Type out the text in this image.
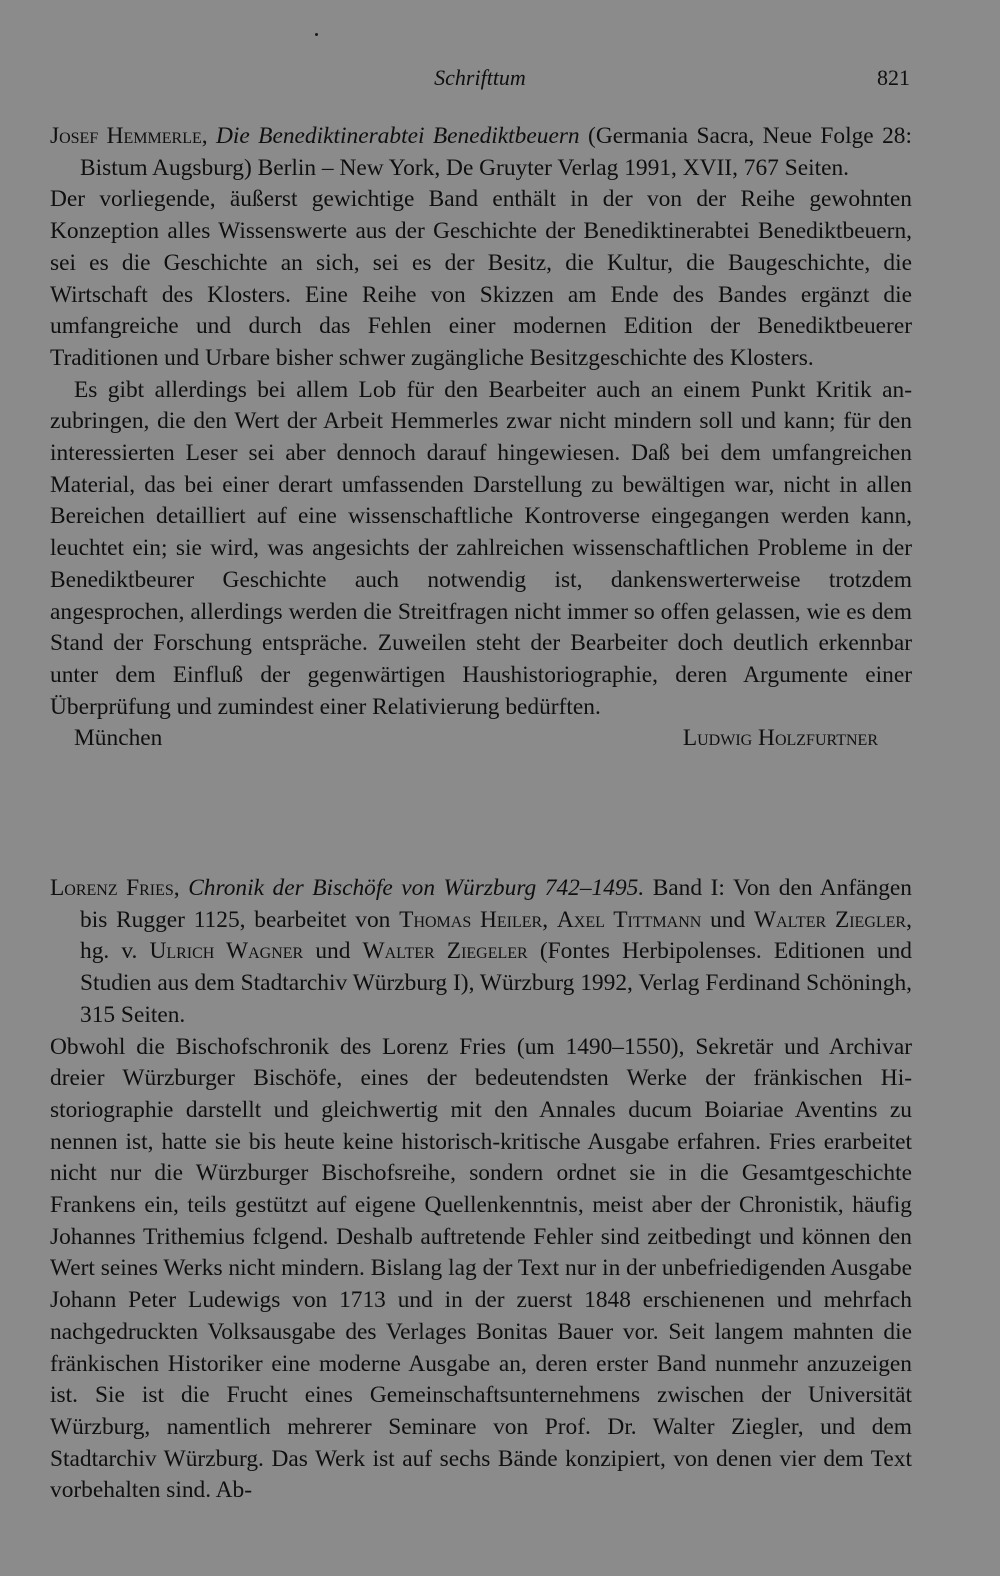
Schrifttum	821

Josef Hemmerle, Die Benediktinerabtei Benediktbeuern (Germania Sacra, Neue Folge 28: Bistum Augsburg) Berlin – New York, De Gruyter Verlag 1991, XVII, 767 Seiten.

Der vorliegende, äußerst gewichtige Band enthält in der von der Reihe gewohnten Konzeption alles Wissenswerte aus der Geschichte der Benediktinerabtei Benediktbeuern, sei es die Geschichte an sich, sei es der Besitz, die Kultur, die Baugeschichte, die Wirtschaft des Klosters. Eine Reihe von Skizzen am Ende des Bandes ergänzt die umfangreiche und durch das Fehlen einer modernen Edition der Benediktbeuerer Traditionen und Urbare bisher schwer zugängliche Besitzgeschichte des Klosters.

Es gibt allerdings bei allem Lob für den Bearbeiter auch an einem Punkt Kritik anzubringen, die den Wert der Arbeit Hemmerles zwar nicht mindern soll und kann; für den interessierten Leser sei aber dennoch darauf hingewiesen. Daß bei dem umfangreichen Material, das bei einer derart umfassenden Darstellung zu bewältigen war, nicht in allen Bereichen detailliert auf eine wissenschaftliche Kontroverse eingegangen werden kann, leuchtet ein; sie wird, was angesichts der zahlreichen wissenschaftlichen Probleme in der Benediktbeurer Geschichte auch notwendig ist, dankenswerterweise trotzdem angesprochen, allerdings werden die Streitfragen nicht immer so offen gelassen, wie es dem Stand der Forschung entspräche. Zuweilen steht der Bearbeiter doch deutlich erkennbar unter dem Einfluß der gegenwärtigen Haushistoriographie, deren Argumente einer Überprüfung und zumindest einer Relativierung bedürften.

München	Ludwig Holzfurtner

Lorenz Fries, Chronik der Bischöfe von Würzburg 742–1495. Band I: Von den Anfängen bis Rugger 1125, bearbeitet von Thomas Heiler, Axel Tittmann und Walter Ziegler, hg. v. Ulrich Wagner und Walter Ziegeler (Fontes Herbipolenses. Editionen und Studien aus dem Stadtarchiv Würzburg I), Würzburg 1992, Verlag Ferdinand Schöningh, 315 Seiten.

Obwohl die Bischofschronik des Lorenz Fries (um 1490–1550), Sekretär und Archivar dreier Würzburger Bischöfe, eines der bedeutendsten Werke der fränkischen Historiographie darstellt und gleichwertig mit den Annales ducum Boiariae Aventins zu nennen ist, hatte sie bis heute keine historisch-kritische Ausgabe erfahren. Fries erarbeitet nicht nur die Würzburger Bischofsreihe, sondern ordnet sie in die Gesamtgeschichte Frankens ein, teils gestützt auf eigene Quellenkenntnis, meist aber der Chronistik, häufig Johannes Trithemius fclgend. Deshalb auftretende Fehler sind zeitbedingt und können den Wert seines Werks nicht mindern. Bislang lag der Text nur in der unbefriedigenden Ausgabe Johann Peter Ludewigs von 1713 und in der zuerst 1848 erschienenen und mehrfach nachgedruckten Volksausgabe des Verlages Bonitas Bauer vor. Seit langem mahnten die fränkischen Historiker eine moderne Ausgabe an, deren erster Band nunmehr anzuzeigen ist. Sie ist die Frucht eines Gemeinschaftsunternehmens zwischen der Universität Würzburg, namentlich mehrerer Seminare von Prof. Dr. Walter Ziegler, und dem Stadtarchiv Würzburg. Das Werk ist auf sechs Bände konzipiert, von denen vier dem Text vorbehalten sind. Ab-
